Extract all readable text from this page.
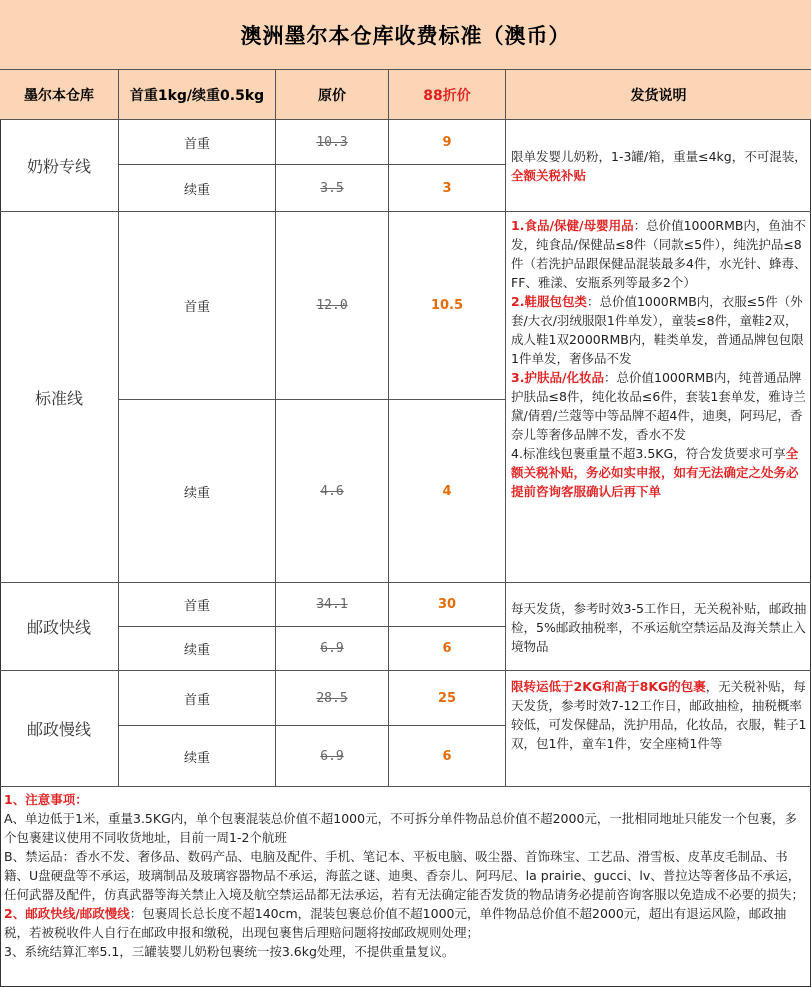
澳洲墨尔本仓库收费标准（澳币）
墨尔本仓库	首重1kg/续重0.5kg	原价	88折价	发货说明
奶粉专线
首重	10.3	9
续重	3.5	3
限单发婴儿奶粉，1-3罐/箱，重量≤4kg，不可混装，全额关税补贴
标准线
首重	12.0	10.5
续重	4.6	4
1.食品/保健/母婴用品：总价值1000RMB内，鱼油不发，纯食品/保健品≤8件（同款≤5件），纯洗护品≤8件（若洗护品跟保健品混装最多4件，水光针、蜂毒、FF、雅漾、安瓶系列等最多2个）
2.鞋服包包类：总价值1000RMB内，衣服≤5件（外套/大衣/羽绒服限1件单发），童装≤8件，童鞋2双，成人鞋1双2000RMB内，鞋类单发，普通品牌包包限1件单发，奢侈品不发
3.护肤品/化妆品：总价值1000RMB内，纯普通品牌护肤品≤8件，纯化妆品≤6件，套装1套单发，雅诗兰黛/倩碧/兰蔻等中等品牌不超4件，迪奥，阿玛尼，香奈儿等奢侈品牌不发，香水不发
4.标准线包裹重量不超3.5KG，符合发货要求可享全额关税补贴，务必如实申报，如有无法确定之处务必提前咨询客服确认后再下单
邮政快线
首重	34.1	30
续重	6.9	6
每天发货，参考时效3-5工作日，无关税补贴，邮政抽检，5%邮政抽税率，不承运航空禁运品及海关禁止入境物品
邮政慢线
首重	28.5	25
续重	6.9	6
限转运低于2KG和高于8KG的包裹，无关税补贴，每天发货，参考时效7-12工作日，邮政抽检，抽税概率较低，可发保健品，洗护用品，化妆品，衣服，鞋子1双，包1件，童车1件，安全座椅1件等

1、注意事项：

A、单边低于1米，重量3.5KG内，单个包裹混装总价值不超1000元，不可拆分单件物品总价值不超2000元，一批相同地址只能发一个包裹，多个包裹建议使用不同收货地址，目前一周1-2个航班

B、禁运品：香水不发、奢侈品、数码产品、电脑及配件、手机、笔记本、平板电脑、吸尘器、首饰珠宝、工艺品、滑雪板、皮革皮毛制品、书籍、U盘硬盘等不承运，玻璃制品及玻璃容器物品不承运，海蓝之谜、迪奥、香奈儿、阿玛尼、la prairie、gucci、lv、普拉达等奢侈品不承运，任何武器及配件，仿真武器等海关禁止入境及航空禁运品都无法承运，若有无法确定能否发货的物品请务必提前咨询客服以免造成不必要的损失；

2、邮政快线/邮政慢线：包裹周长总长度不超140cm，混装包裹总价值不超1000元，单件物品总价值不超2000元，超出有退运风险，邮政抽税，若被税收件人自行在邮政申报和缴税，出现包裹售后理赔问题将按邮政规则处理；

3、系统结算汇率5.1，三罐装婴儿奶粉包裹统一按3.6kg处理，不提供重量复议。
